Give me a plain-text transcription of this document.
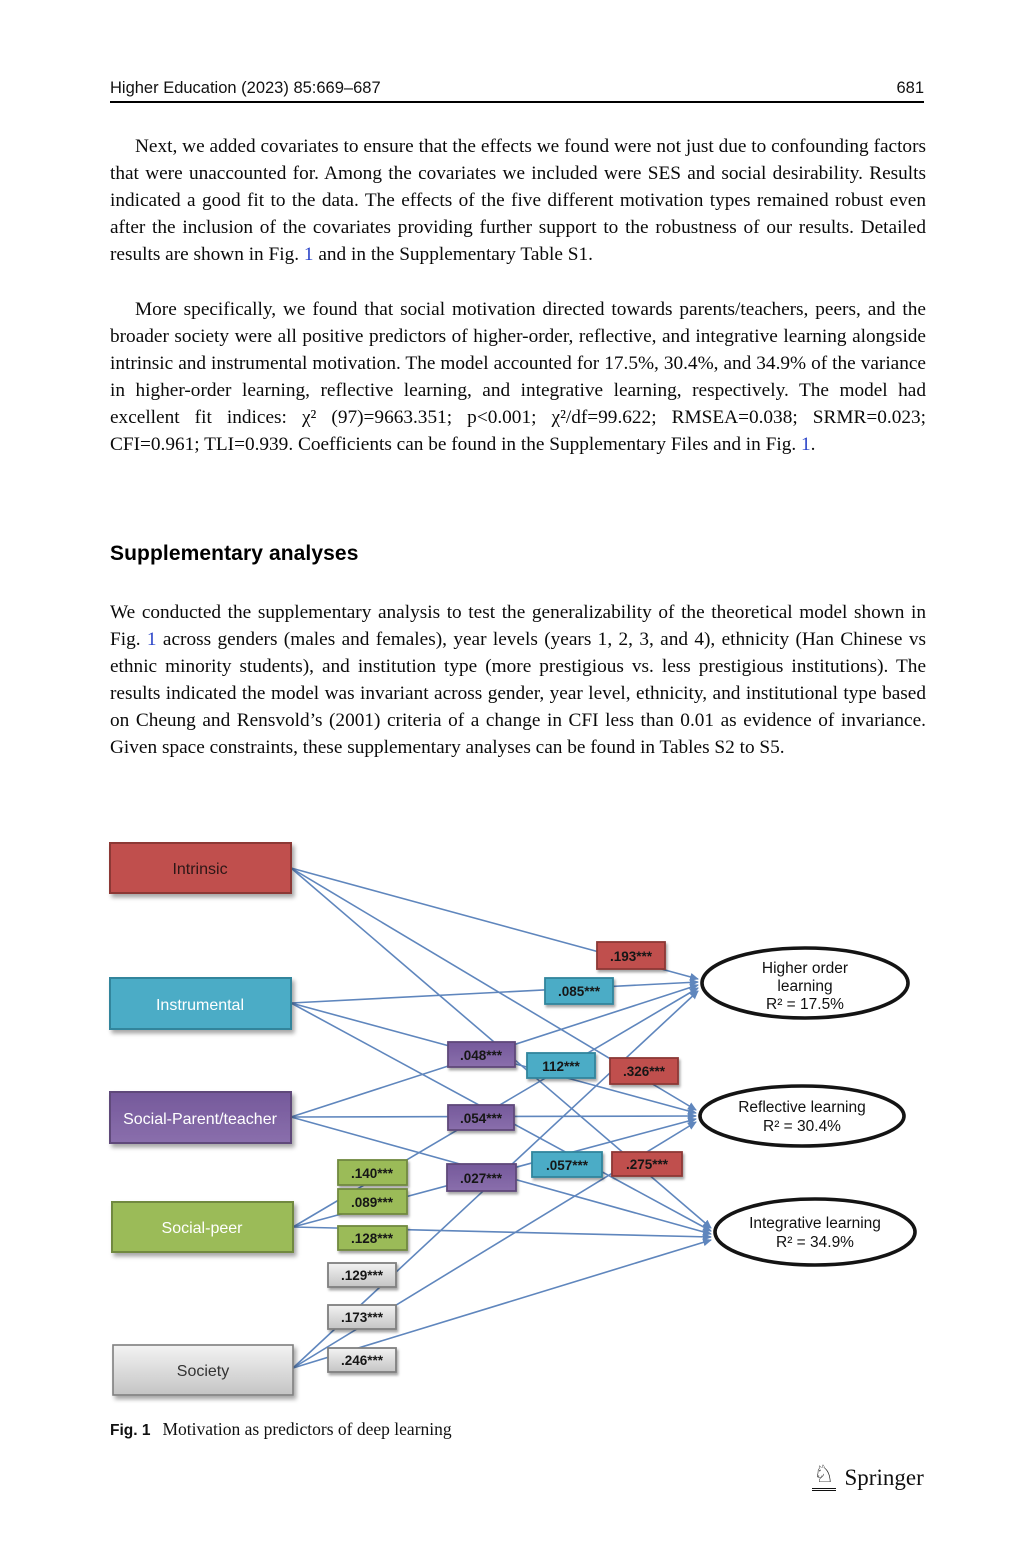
Higher Education (2023) 85:669–687	681

Next, we added covariates to ensure that the effects we found were not just due to confounding factors that were unaccounted for. Among the covariates we included were SES and social desirability. Results indicated a good fit to the data. The effects of the five different motivation types remained robust even after the inclusion of the covariates providing further support to the robustness of our results. Detailed results are shown in Fig. 1 and in the Supplementary Table S1.

More specifically, we found that social motivation directed towards parents/teachers, peers, and the broader society were all positive predictors of higher-order, reflective, and integrative learning alongside intrinsic and instrumental motivation. The model accounted for 17.5%, 30.4%, and 34.9% of the variance in higher-order learning, reflective learning, and integrative learning, respectively. The model had excellent fit indices: χ² (97)=9663.351; p<0.001; χ²/df=99.622; RMSEA=0.038; SRMR=0.023; CFI=0.961; TLI=0.939. Coefficients can be found in the Supplementary Files and in Fig. 1.

Supplementary analyses

We conducted the supplementary analysis to test the generalizability of the theoretical model shown in Fig. 1 across genders (males and females), year levels (years 1, 2, 3, and 4), ethnicity (Han Chinese vs ethnic minority students), and institution type (more prestigious vs. less prestigious institutions). The results indicated the model was invariant across gender, year level, ethnicity, and institutional type based on Cheung and Rensvold’s (2001) criteria of a change in CFI less than 0.01 as evidence of invariance. Given space constraints, these supplementary analyses can be found in Tables S2 to S5.

.193***
.326***
.275***
.085***
112***
.057***
.048***
.054***
.027***
.140***
.089***
.128***
.129***
.173***
.246***
Intrinsic
Instrumental
Social-Parent/teacher
Social-peer
Society
Higher order
learning
R² = 17.5%
Reflective learning
R² = 30.4%
Integrative learning
R² = 34.9%
Fig. 1 Motivation as predictors of deep learning
♘ Springer
